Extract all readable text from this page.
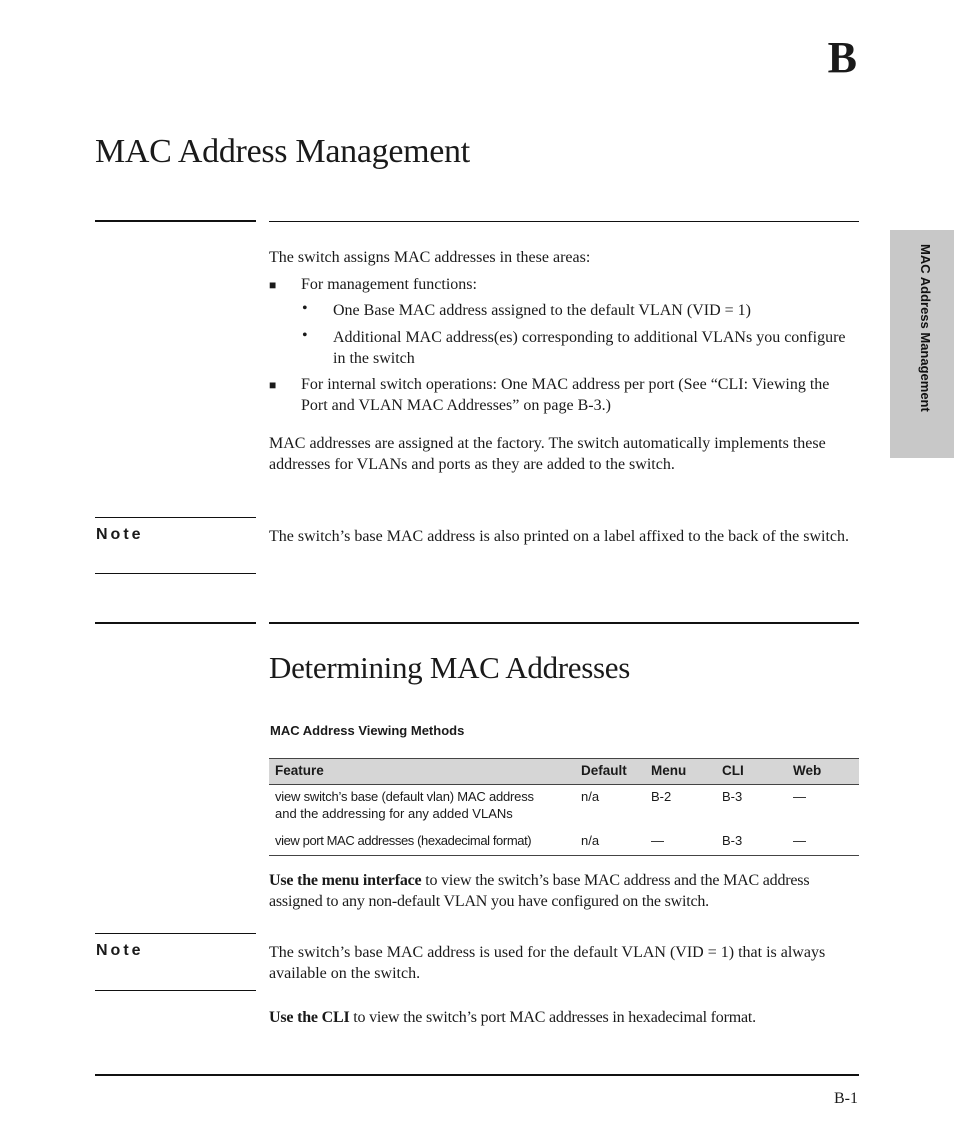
B
MAC Address Management
MAC Address Management

The switch assigns MAC addresses in these areas:

■ For management functions:

• One Base MAC address assigned to the default VLAN (VID = 1)

• Additional MAC address(es) corresponding to additional VLANs you configure in the switch

■ For internal switch operations: One MAC address per port (See “CLI: Viewing the Port and VLAN MAC Addresses” on page B-3.)

MAC addresses are assigned at the factory. The switch automatically implements these addresses for VLANs and ports as they are added to the switch.

Note	The switch’s base MAC address is also printed on a label affixed to the back of the switch.

Determining MAC Addresses
MAC Address Viewing Methods
Feature	Default Menu	CLI	Web
view switch’s base (default vlan) MAC address
and the addressing for any added VLANs
n/a	B-2	B-3	—
view port MAC addresses (hexadecimal format)	n/a	—	B-3	—

Use the menu interface to view the switch’s base MAC address and the MAC address assigned to any non-default VLAN you have configured on the switch.

Note	The switch’s base MAC address is used for the default VLAN (VID = 1) that is always available on the switch.

Use the CLI to view the switch’s port MAC addresses in hexadecimal format.

B-1
